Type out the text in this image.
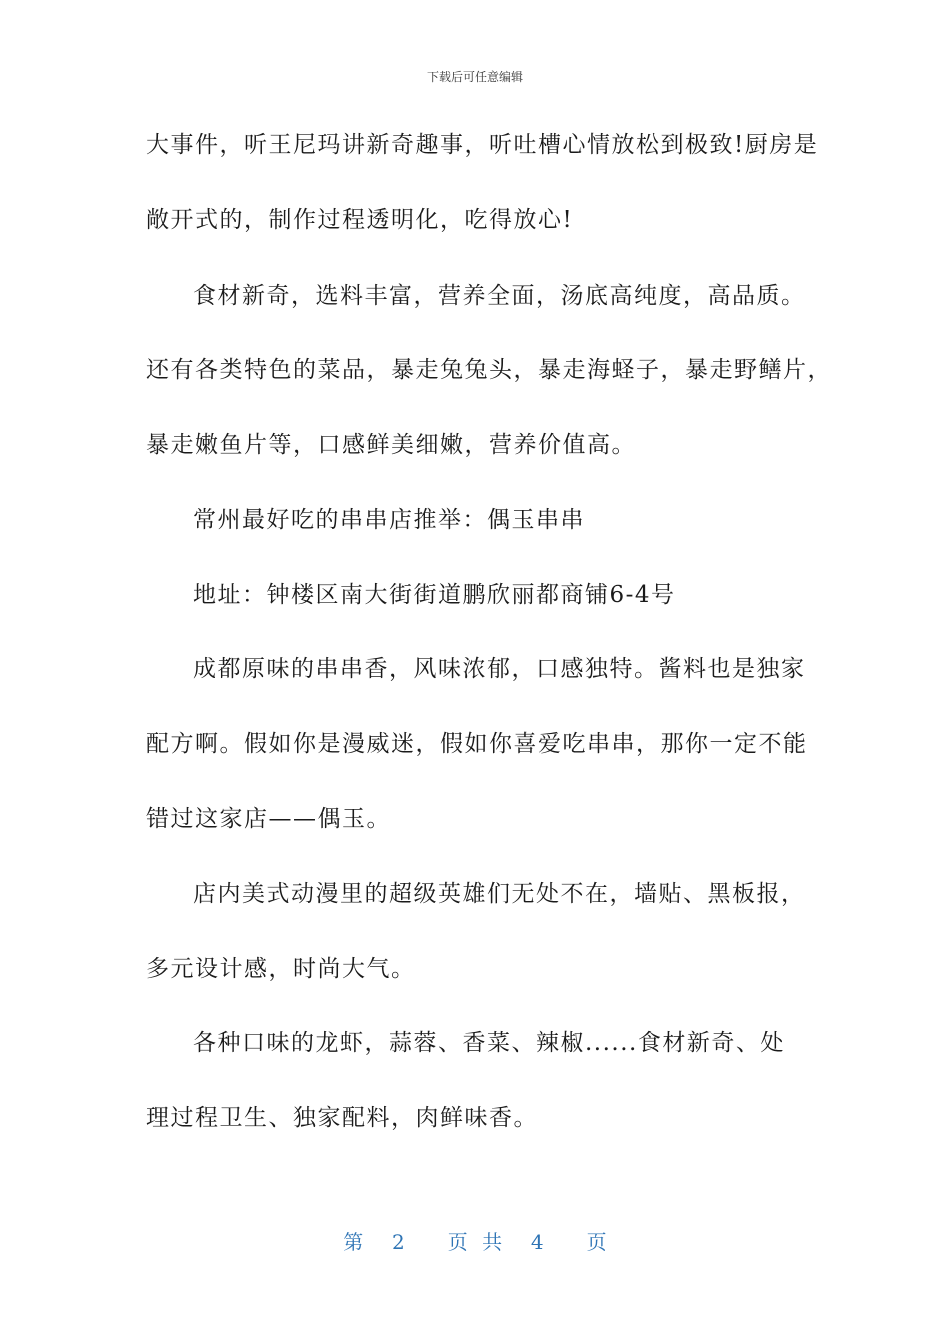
下载后可任意编辑
大事件，听王尼玛讲新奇趣事，听吐槽心情放松到极致!厨房是
敞开式的，制作过程透明化，吃得放心!
食材新奇，选料丰富，营养全面，汤底高纯度，高品质。
还有各类特色的菜品，暴走兔兔头，暴走海蛏子，暴走野鳝片，
暴走嫩鱼片等，口感鲜美细嫩，营养价值高。
常州最好吃的串串店推举：偶玉串串
地址：钟楼区南大街街道鹏欣丽都商铺6-4号
成都原味的串串香，风味浓郁，口感独特。酱料也是独家
配方啊。假如你是漫威迷，假如你喜爱吃串串，那你一定不能
错过这家店——偶玉。
店内美式动漫里的超级英雄们无处不在，墙贴、黑板报，
多元设计感，时尚大气。
各种口味的龙虾，蒜蓉、香菜、辣椒......食材新奇、处
理过程卫生、独家配料，肉鲜味香。
第  2   页 共  4   页
